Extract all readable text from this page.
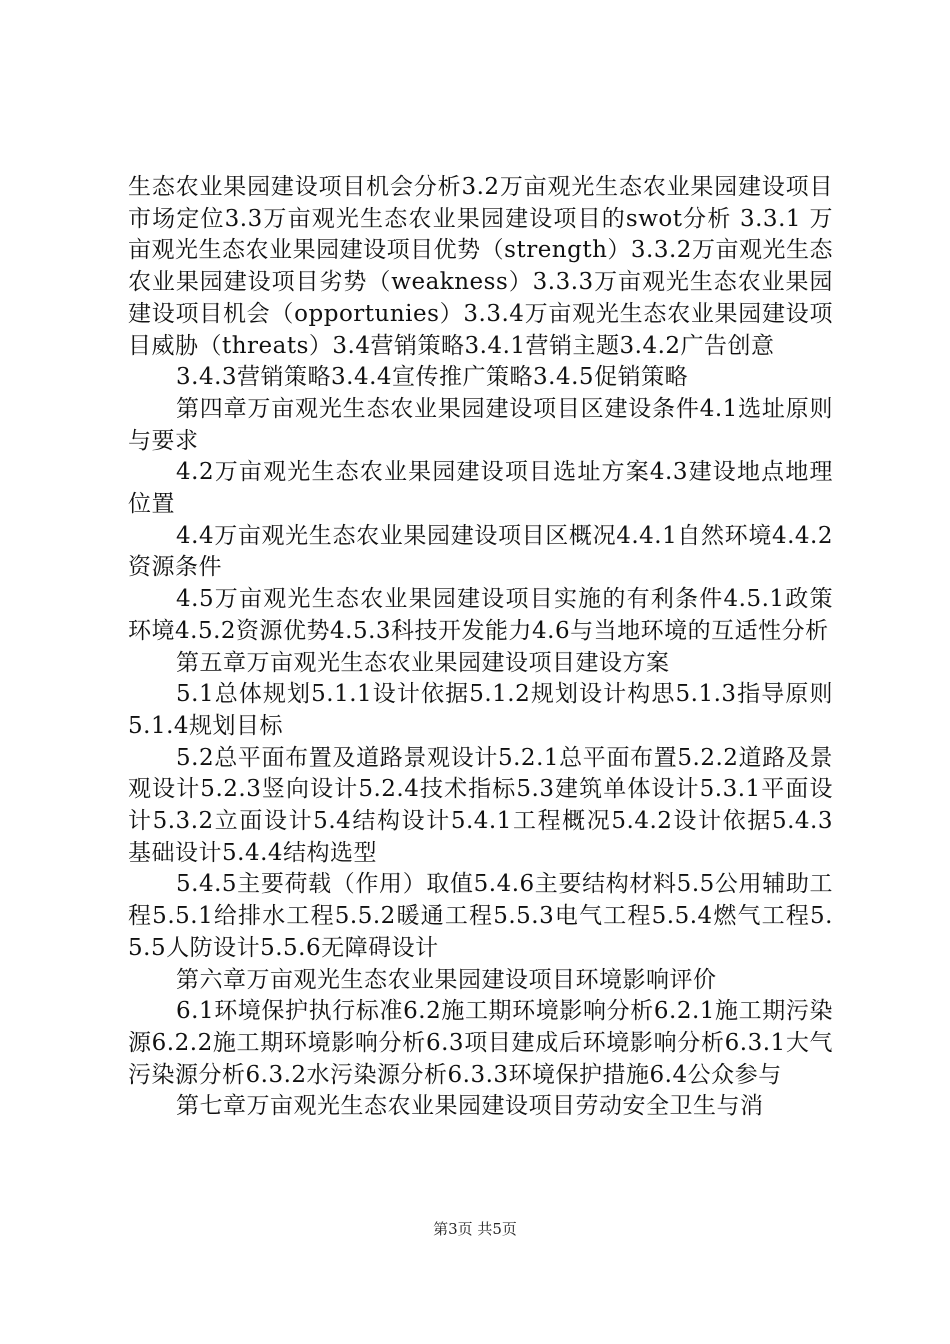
生态农业果园建设项目机会分析3.2万亩观光生态农业果园建设项目市场定位3.3万亩观光生态农业果园建设项目的swot分析 3.3.1 万亩观光生态农业果园建设项目优势（strength）3.3.2万亩观光生态农业果园建设项目劣势（weakness）3.3.3万亩观光生态农业果园建设项目机会（opportunies）3.3.4万亩观光生态农业果园建设项目威胁（threats）3.4营销策略3.4.1营销主题3.4.2广告创意

3.4.3营销策略3.4.4宣传推广策略3.4.5促销策略

第四章万亩观光生态农业果园建设项目区建设条件4.1选址原则与要求

4.2万亩观光生态农业果园建设项目选址方案4.3建设地点地理位置

4.4万亩观光生态农业果园建设项目区概况4.4.1自然环境4.4.2资源条件

4.5万亩观光生态农业果园建设项目实施的有利条件4.5.1政策环境4.5.2资源优势4.5.3科技开发能力4.6与当地环境的互适性分析

第五章万亩观光生态农业果园建设项目建设方案

5.1总体规划5.1.1设计依据5.1.2规划设计构思5.1.3指导原则5.1.4规划目标

5.2总平面布置及道路景观设计5.2.1总平面布置5.2.2道路及景观设计5.2.3竖向设计5.2.4技术指标5.3建筑单体设计5.3.1平面设计5.3.2立面设计5.4结构设计5.4.1工程概况5.4.2设计依据5.4.3基础设计5.4.4结构选型

5.4.5主要荷载（作用）取值5.4.6主要结构材料5.5公用辅助工程5.5.1给排水工程5.5.2暖通工程5.5.3电气工程5.5.4燃气工程5.5.5人防设计5.5.6无障碍设计

第六章万亩观光生态农业果园建设项目环境影响评价

6.1环境保护执行标准6.2施工期环境影响分析6.2.1施工期污染源6.2.2施工期环境影响分析6.3项目建成后环境影响分析6.3.1大气污染源分析6.3.2水污染源分析6.3.3环境保护措施6.4公众参与

第七章万亩观光生态农业果园建设项目劳动安全卫生与消

第3页 共5页
